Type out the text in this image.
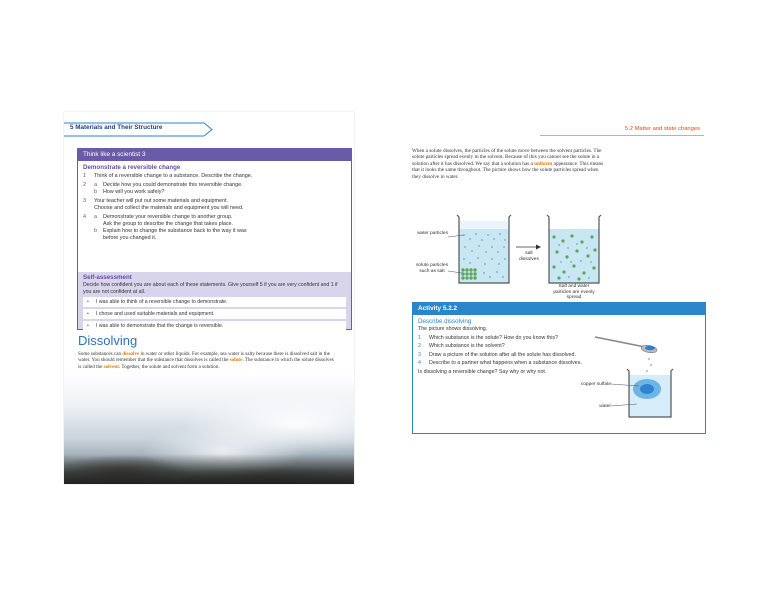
5 Materials and Their Structure
Think like a scientist 3
Demonstrate a reversible change
1	Think of a reversible change to a substance. Describe the change.
2	a	Decide how you could demonstrate this reversible change.
b	How will you work safely?
3	Your teacher will put out some materials and equipment.
Choose and collect the materials and equipment you will need.
4	a	Demonstrate your reversible change to another group.
Ask the group to describe the change that takes place.
b	Explain how to change the substance back to the way it was
before you changed it.
Self-assessment
Decide how confident you are about each of these statements. Give yourself 5 if you are very confident and 1 if you are not confident at all.
•	I was able to think of a reversible change to demonstrate.
•	I chose and used suitable materials and equipment.
•	I was able to demonstrate that the change is reversible.
Dissolving
Some substances can dissolve in water or other liquids. For example, sea water is salty because there is dissolved salt in the water. You should remember that the substance that dissolves is called the solute. The substance in which the solute dissolves is called the solvent. Together, the solute and solvent form a solution.
5.2 Matter and state changes
When a solute dissolves, the particles of the solute move between the solvent particles. The solute particles spread evenly in the solvent. Because of this you cannot see the solute in a solution after it has dissolved. We say that a solution has a uniform appearance. This means that it looks the same throughout. The picture shows how the solute particles spread when they dissolve in water.
water particles
solute particles such as salt
salt dissolves
Salt and water particles are evenly spread
Activity 5.2.2
Describe dissolving
The picture shows dissolving.
1	Which substance is the solute? How do you know this?
2	Which substance is the solvent?
3	Draw a picture of the solution after all the solute has dissolved.
4	Describe to a partner what happens when a substance dissolves.
Is dissolving a reversible change? Say why or why not.
copper sulfate
water
